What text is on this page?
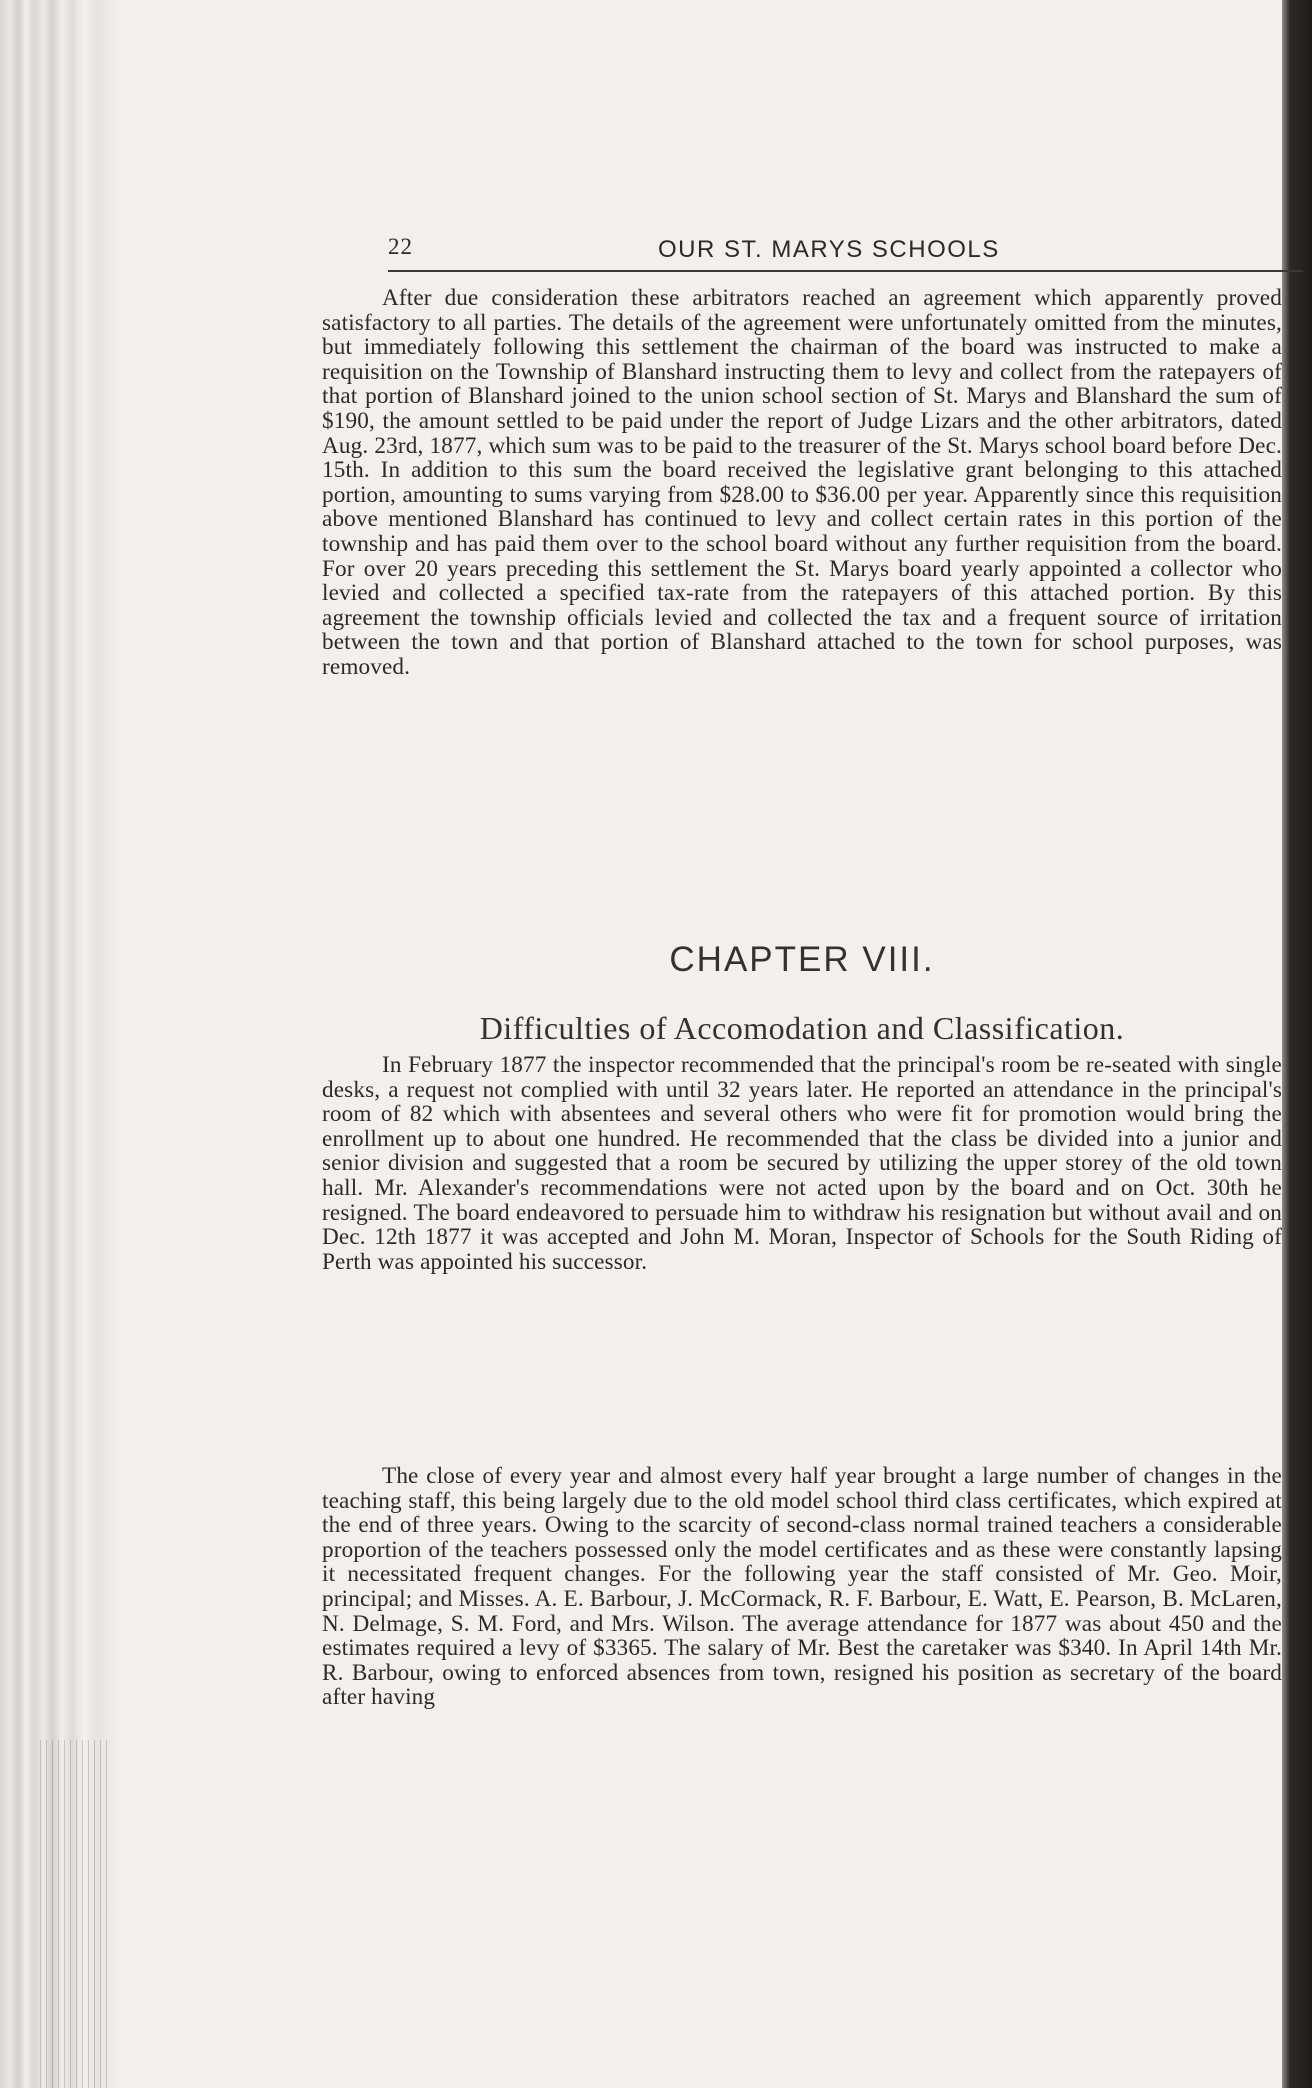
22	OUR ST. MARYS SCHOOLS

After due consideration these arbitrators reached an agreement which apparently proved satisfactory to all parties. The details of the agreement were unfortunately omitted from the minutes, but immediately following this settlement the chairman of the board was instructed to make a requisition on the Township of Blanshard instructing them to levy and collect from the ratepayers of that portion of Blanshard joined to the union school section of St. Marys and Blanshard the sum of $190, the amount settled to be paid under the report of Judge Lizars and the other arbitrators, dated Aug. 23rd, 1877, which sum was to be paid to the treasurer of the St. Marys school board before Dec. 15th. In addition to this sum the board received the legislative grant belonging to this attached portion, amounting to sums varying from $28.00 to $36.00 per year. Apparently since this requisition above mentioned Blanshard has continued to levy and collect certain rates in this portion of the township and has paid them over to the school board without any further requisition from the board. For over 20 years preceding this settlement the St. Marys board yearly appointed a collector who levied and collected a specified tax-rate from the ratepayers of this attached portion. By this agreement the township officials levied and collected the tax and a frequent source of irritation between the town and that portion of Blanshard attached to the town for school purposes, was removed.

CHAPTER VIII.
Difficulties of Accomodation and Classification.

In February 1877 the inspector recommended that the principal's room be re-seated with single desks, a request not complied with until 32 years later. He reported an attendance in the principal's room of 82 which with absentees and several others who were fit for promotion would bring the enrollment up to about one hundred. He recommended that the class be divided into a junior and senior division and suggested that a room be secured by utilizing the upper storey of the old town hall. Mr. Alexander's recommendations were not acted upon by the board and on Oct. 30th he resigned. The board endeavored to persuade him to withdraw his resignation but without avail and on Dec. 12th 1877 it was accepted and John M. Moran, Inspector of Schools for the South Riding of Perth was appointed his successor.

The close of every year and almost every half year brought a large number of changes in the teaching staff, this being largely due to the old model school third class certificates, which expired at the end of three years. Owing to the scarcity of second-class normal trained teachers a considerable proportion of the teachers possessed only the model certificates and as these were constantly lapsing it necessitated frequent changes. For the following year the staff consisted of Mr. Geo. Moir, principal; and Misses. A. E. Barbour, J. McCormack, R. F. Barbour, E. Watt, E. Pearson, B. McLaren, N. Delmage, S. M. Ford, and Mrs. Wilson. The average attendance for 1877 was about 450 and the estimates required a levy of $3365. The salary of Mr. Best the caretaker was $340. In April 14th Mr. R. Barbour, owing to enforced absences from town, resigned his position as secretary of the board after having
